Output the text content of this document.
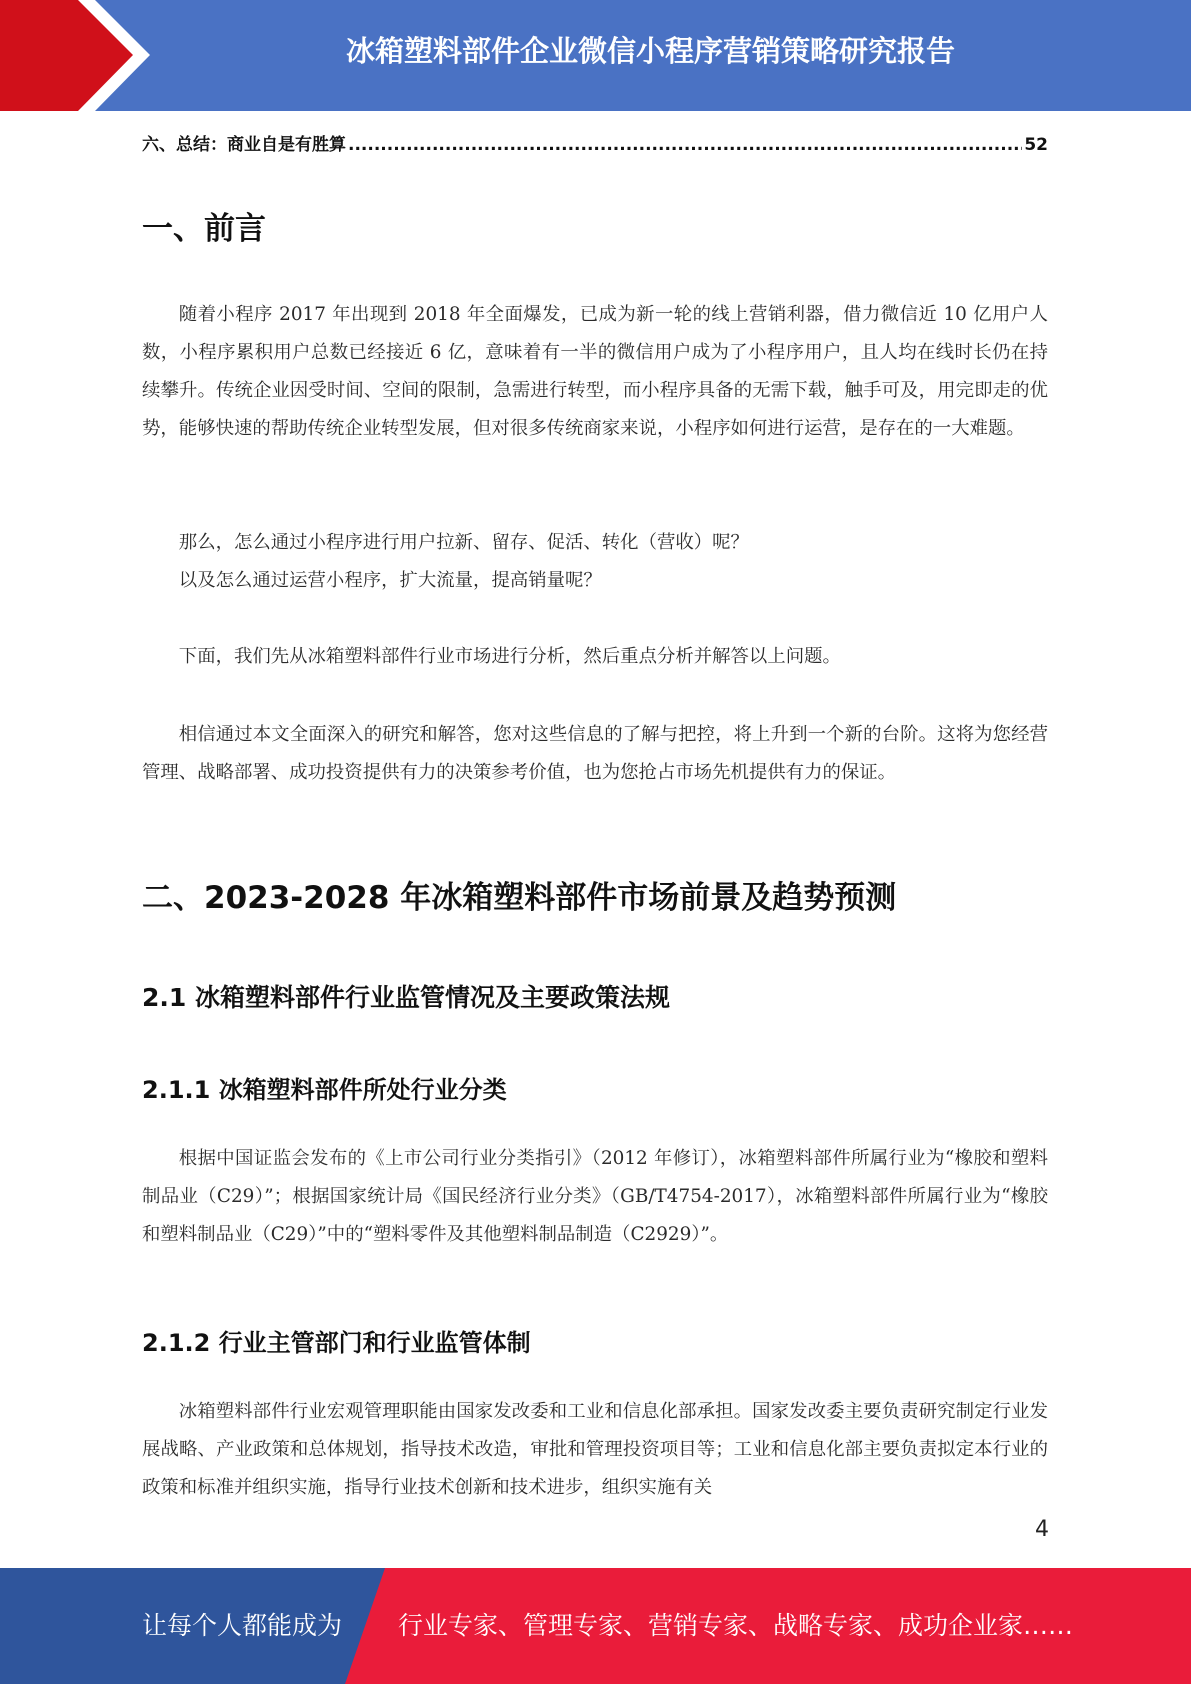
冰箱塑料部件企业微信小程序营销策略研究报告
六、总结：商业自是有胜算
.....	52
一、前言

随着小程序 2017 年出现到 2018 年全面爆发，已成为新一轮的线上营销利器，借力微信近 10 亿用户人数，小程序累积用户总数已经接近 6 亿，意味着有一半的微信用户成为了小程序用户，且人均在线时长仍在持续攀升。传统企业因受时间、空间的限制，急需进行转型，而小程序具备的无需下载，触手可及，用完即走的优势，能够快速的帮助传统企业转型发展，但对很多传统商家来说，小程序如何进行运营，是存在的一大难题。

那么，怎么通过小程序进行用户拉新、留存、促活、转化（营收）呢？

以及怎么通过运营小程序，扩大流量，提高销量呢？

下面，我们先从冰箱塑料部件行业市场进行分析，然后重点分析并解答以上问题。

相信通过本文全面深入的研究和解答，您对这些信息的了解与把控，将上升到一个新的台阶。这将为您经营管理、战略部署、成功投资提供有力的决策参考价值，也为您抢占市场先机提供有力的保证。

二、2023-2028 年冰箱塑料部件市场前景及趋势预测
2.1 冰箱塑料部件行业监管情况及主要政策法规
2.1.1 冰箱塑料部件所处行业分类

根据中国证监会发布的《上市公司行业分类指引》（2012 年修订），冰箱塑料部件所属行业为“橡胶和塑料制品业（C29）”；根据国家统计局《国民经济行业分类》（GB/T4754-2017），冰箱塑料部件所属行业为“橡胶和塑料制品业（C29）”中的“塑料零件及其他塑料制品制造（C2929）”。

2.1.2 行业主管部门和行业监管体制

冰箱塑料部件行业宏观管理职能由国家发改委和工业和信息化部承担。国家发改委主要负责研究制定行业发展战略、产业政策和总体规划，指导技术改造，审批和管理投资项目等；工业和信息化部主要负责拟定本行业的政策和标准并组织实施，指导行业技术创新和技术进步，组织实施有关

4
让每个人都能成为 行业专家、管理专家、营销专家、战略专家、成功企业家……
